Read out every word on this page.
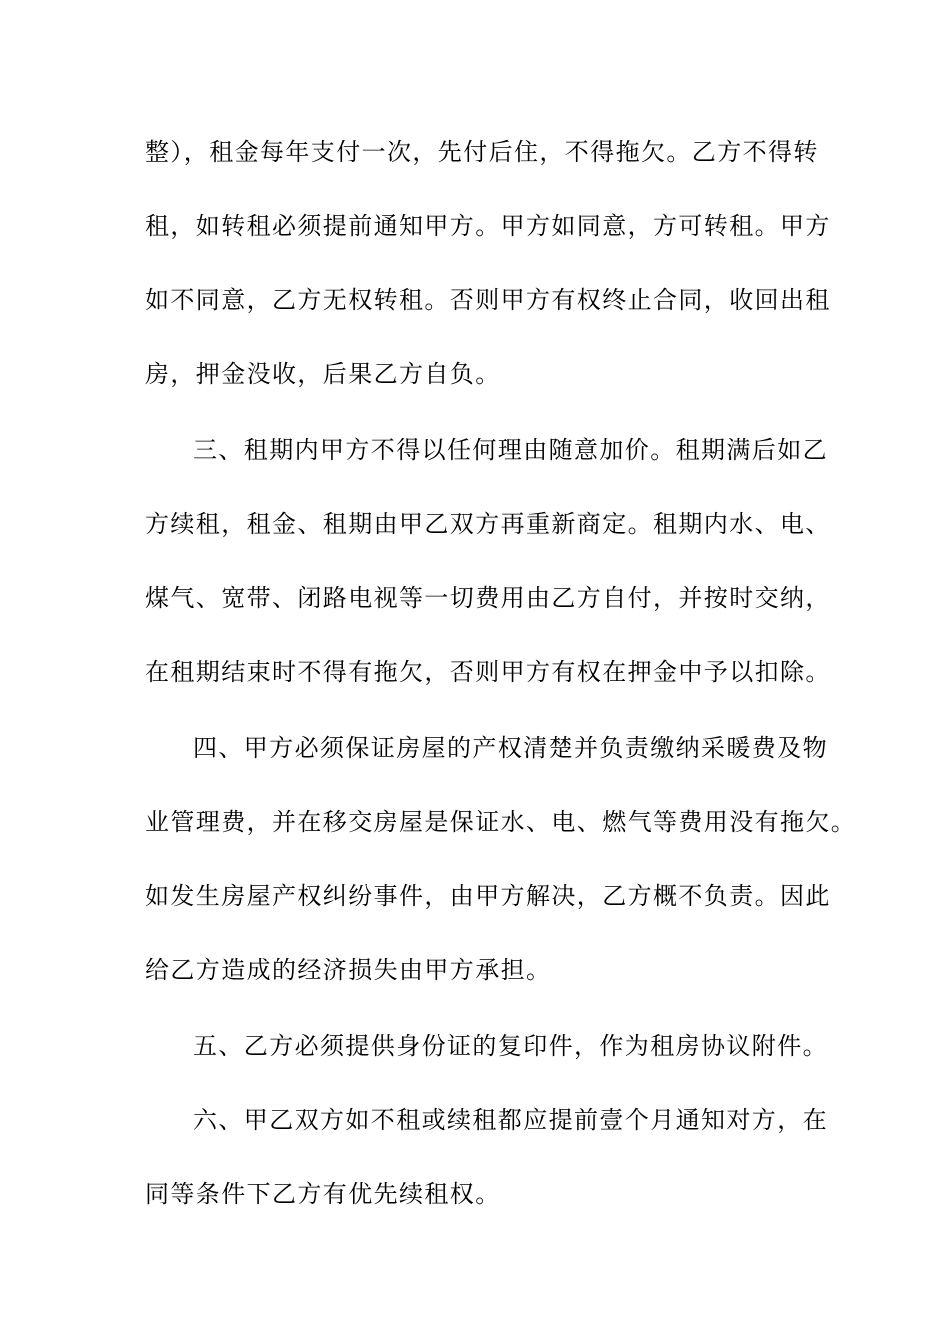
整），租金每年支付一次，先付后住，不得拖欠。乙方不得转
租，如转租必须提前通知甲方。甲方如同意，方可转租。甲方
如不同意，乙方无权转租。否则甲方有权终止合同，收回出租
房，押金没收，后果乙方自负。
三、租期内甲方不得以任何理由随意加价。租期满后如乙
方续租，租金、租期由甲乙双方再重新商定。租期内水、电、
煤气、宽带、闭路电视等一切费用由乙方自付，并按时交纳，
在租期结束时不得有拖欠，否则甲方有权在押金中予以扣除。
四、甲方必须保证房屋的产权清楚并负责缴纳采暖费及物
业管理费，并在移交房屋是保证水、电、燃气等费用没有拖欠。
如发生房屋产权纠纷事件，由甲方解决，乙方概不负责。因此
给乙方造成的经济损失由甲方承担。
五、乙方必须提供身份证的复印件，作为租房协议附件。
六、甲乙双方如不租或续租都应提前壹个月通知对方，在
同等条件下乙方有优先续租权。
